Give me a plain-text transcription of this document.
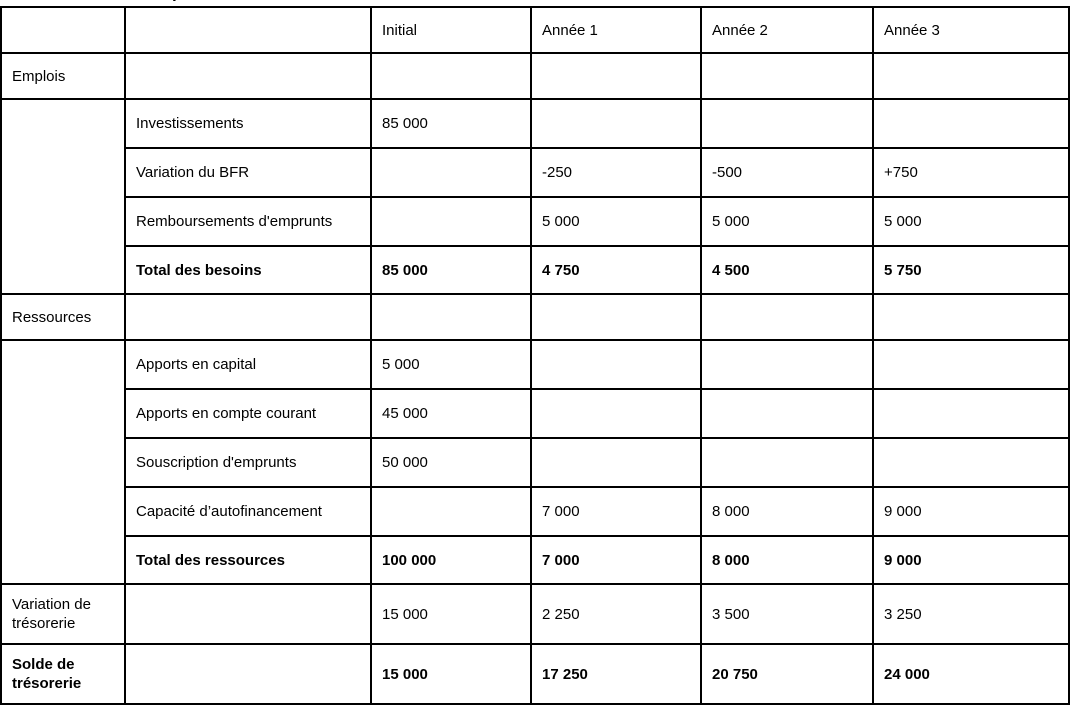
		Initial	Année 1	Année 2	Année 3
Emplois					
	Investissements	85 000			
	Variation du BFR		-250	-500	+750
	Remboursements d'emprunts		5 000	5 000	5 000
	Total des besoins	85 000	4 750	4 500	5 750
Ressources					
	Apports en capital	5 000			
	Apports en compte courant	45 000			
	Souscription d'emprunts	50 000			
	Capacité d’autofinancement		7 000	8 000	9 000
	Total des ressources	100 000	7 000	8 000	9 000
Variation de trésorerie		15 000	2 250	3 500	3 250
Solde de trésorerie		15 000	17 250	20 750	24 000
